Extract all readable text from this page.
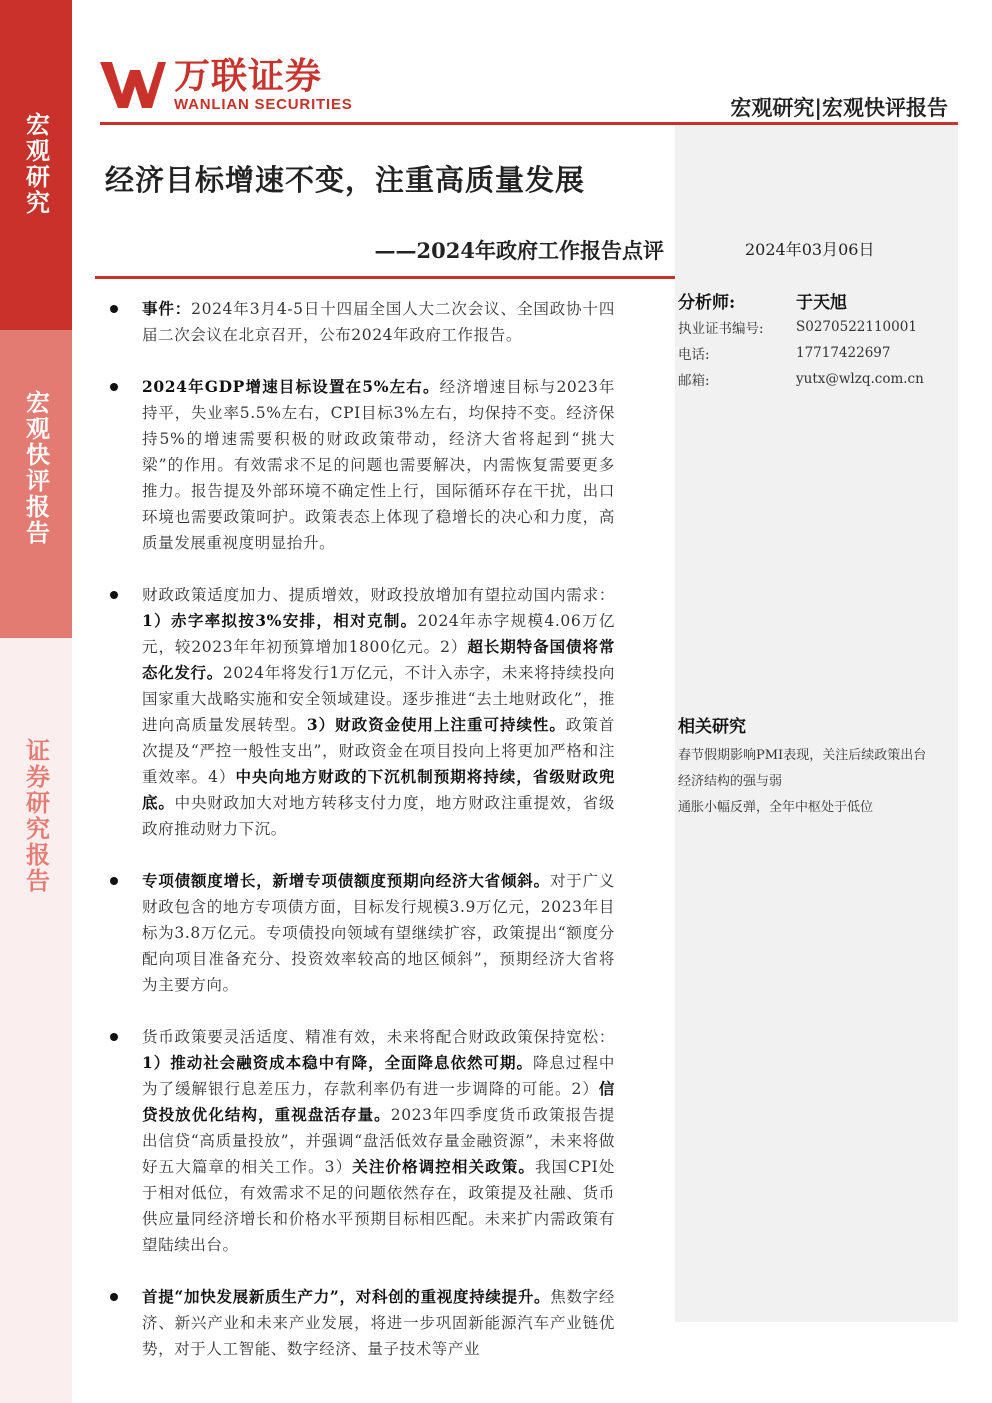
宏观研究
宏观快评报告
证券研究报告
万联证券
WANLIAN SECURITIES	宏观研究|宏观快评报告
经济目标增速不变，注重高质量发展
——2024年政府工作报告点评	2024年03月06日
事件：2024年3月4-5日十四届全国人大二次会议、全国政协十四届二次会议在北京召开，公布2024年政府工作报告。
2024年GDP增速目标设置在5%左右。经济增速目标与2023年持平，失业率5.5%左右，CPI目标3%左右，均保持不变。经济保持5%的增速需要积极的财政政策带动，经济大省将起到“挑大梁”的作用。有效需求不足的问题也需要解决，内需恢复需要更多推力。报告提及外部环境不确定性上行，国际循环存在干扰，出口环境也需要政策呵护。政策表态上体现了稳增长的决心和力度，高质量发展重视度明显抬升。
财政政策适度加力、提质增效，财政投放增加有望拉动国内需求：1）赤字率拟按3%安排，相对克制。2024年赤字规模4.06万亿元，较2023年年初预算增加1800亿元。2）超长期特备国债将常态化发行。2024年将发行1万亿元，不计入赤字，未来将持续投向国家重大战略实施和安全领域建设。逐步推进“去土地财政化”，推进向高质量发展转型。3）财政资金使用上注重可持续性。政策首次提及“严控一般性支出”，财政资金在项目投向上将更加严格和注重效率。4）中央向地方财政的下沉机制预期将持续，省级财政兜底。中央财政加大对地方转移支付力度，地方财政注重提效，省级政府推动财力下沉。
专项债额度增长，新增专项债额度预期向经济大省倾斜。对于广义财政包含的地方专项债方面，目标发行规模3.9万亿元，2023年目标为3.8万亿元。专项债投向领域有望继续扩容，政策提出“额度分配向项目准备充分、投资效率较高的地区倾斜”，预期经济大省将为主要方向。
货币政策要灵活适度、精准有效，未来将配合财政政策保持宽松：1）推动社会融资成本稳中有降，全面降息依然可期。降息过程中为了缓解银行息差压力，存款利率仍有进一步调降的可能。2）信贷投放优化结构，重视盘活存量。2023年四季度货币政策报告提出信贷“高质量投放”，并强调“盘活低效存量金融资源”，未来将做好五大篇章的相关工作。3）关注价格调控相关政策。我国CPI处于相对低位，有效需求不足的问题依然存在，政策提及社融、货币供应量同经济增长和价格水平预期目标相匹配。未来扩内需政策有望陆续出台。
首提“加快发展新质生产力”，对科创的重视度持续提升。焦数字经济、新兴产业和未来产业发展，将进一步巩固新能源汽车产业链优势，对于人工智能、数字经济、量子技术等产业
分析师:	于天旭
执业证书编号:	S0270522110001
电话:	17717422697
邮箱:	yutx@wlzq.com.cn
相关研究
春节假期影响PMI表现，关注后续政策出台
经济结构的强与弱
通胀小幅反弹，全年中枢处于低位
